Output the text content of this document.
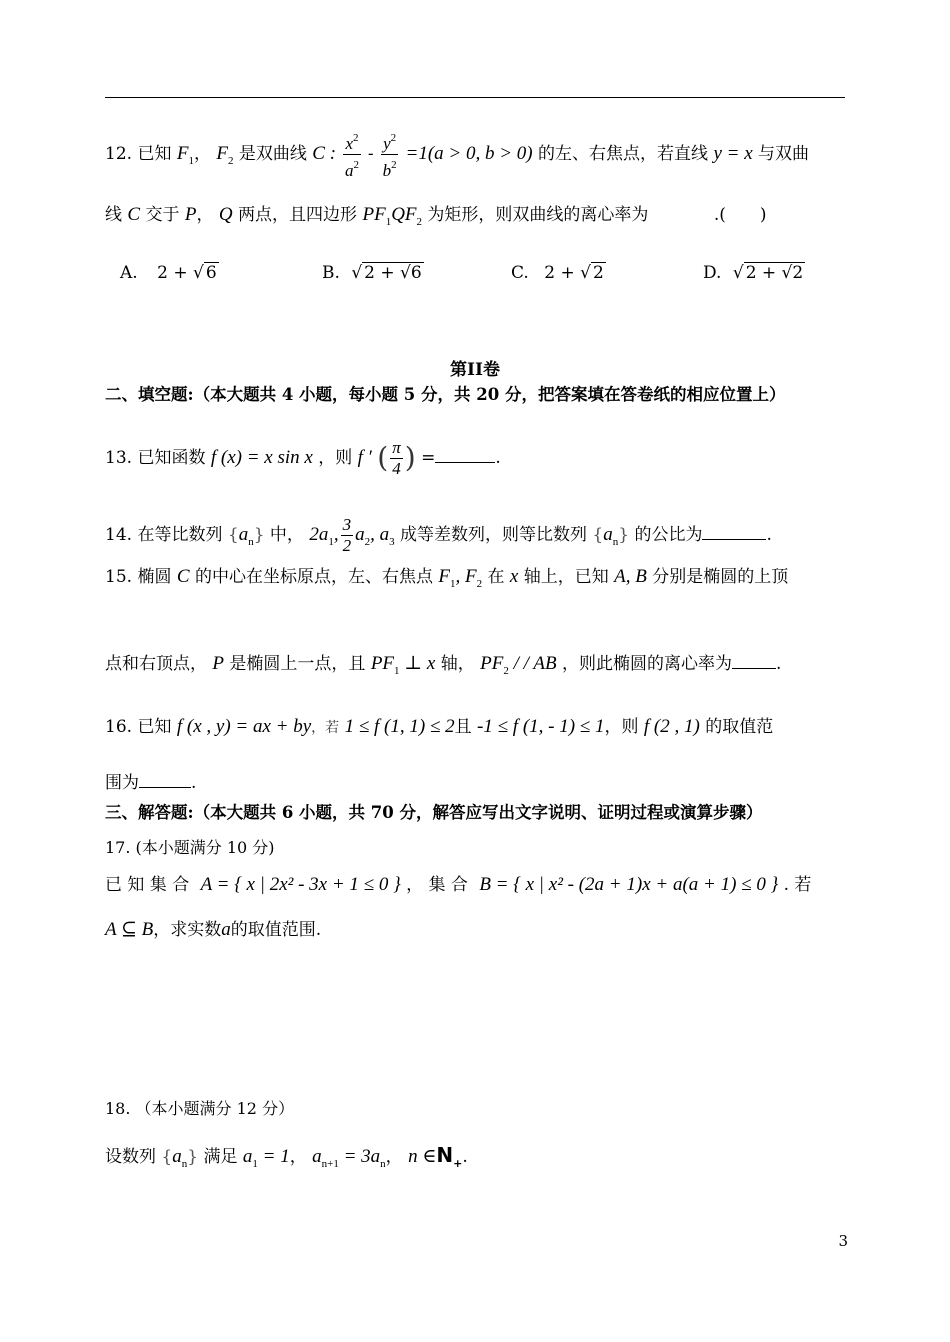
12. 已知 $F_1$， $F_2$ 是双曲线 C : $\frac{x^2}{a^2} - \frac{y^2}{b^2} =1(a > 0$, b > 0) 的左、右焦点，若直线 y = x 与双曲
线 C 交于 P， Q 两点，且四边形 $PF_1QF_2$ 为矩形，则双曲线的离心率为	.(　　)
A. 2 + √ 6	B. √ 2 + √6	C. 2 + √ 2	D. √ 2 + √2
第II卷
二、填空题:（本大题共 4 小题，每小题 5 分，共 20 分，把答案填在答卷纸的相应位置上）
13. 已知函数 f (x) = x sin x ，则 f ′ ( $\frac{\pi}{4}$ ) =	.
14. 在等比数列 $\{a_n\}$ 中， $2a_1$, $\frac{3}{2} a_2$, $a_3$ 成等差数列，则等比数列 $\{a_n\}$ 的公比为	.
15. 椭圆 C 的中心在坐标原点，左、右焦点 $F_1$, $F_2$ 在 x 轴上，已知 A, B 分别是椭圆的上顶
点和右顶点， P 是椭圆上一点，且 $PF_1$ ⊥ x 轴， $PF_2$ / / AB ，则此椭圆的离心率为	.
16. 已知 f (x , y) = ax + by，若 1 ≤ f (1, 1) ≤ 2且 -1 ≤ f (1, - 1) ≤ 1，则 f (2 , 1) 的取值范
围为	.
三、解答题:（本大题共 6 小题，共 70 分，解答应写出文字说明、证明过程或演算步骤）
17. (本小题满分 10 分)
已 知 集 合 A = { x | 2x² - 3x + 1 ≤ 0 } ， 集 合 B = { x | x² - (2a + 1)x + a(a + 1) ≤ 0 } . 若
A ⊆ B，求实数a的取值范围.
18. （本小题满分 12 分）
设数列 $\{a_n\}$ 满足 $a_1 = 1$， $a_{n+1} = 3a_n$， n $\in N_+$.
3
